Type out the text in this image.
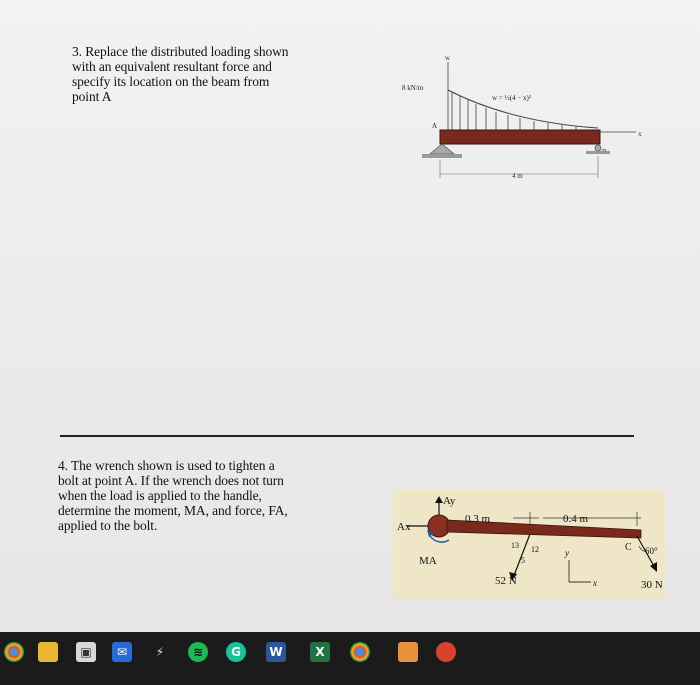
3. Replace the distributed loading shown
with an equivalent resultant force and
specify its location on the beam from
point A
w
8 kN/m
w = ½(4 − x)²
x
A
4 m
4. The wrench shown is used to tighten a
bolt at point A. If the wrench does not turn
when the load is applied to the handle,
determine the moment, MA, and force, FA,
applied to the bolt.
Ay
Ax
MA
0.3 m	0.4 m
13 12
5
52 N
y
x
C 60°
30 N
▣	✉	⚡	≋	G	W	X
